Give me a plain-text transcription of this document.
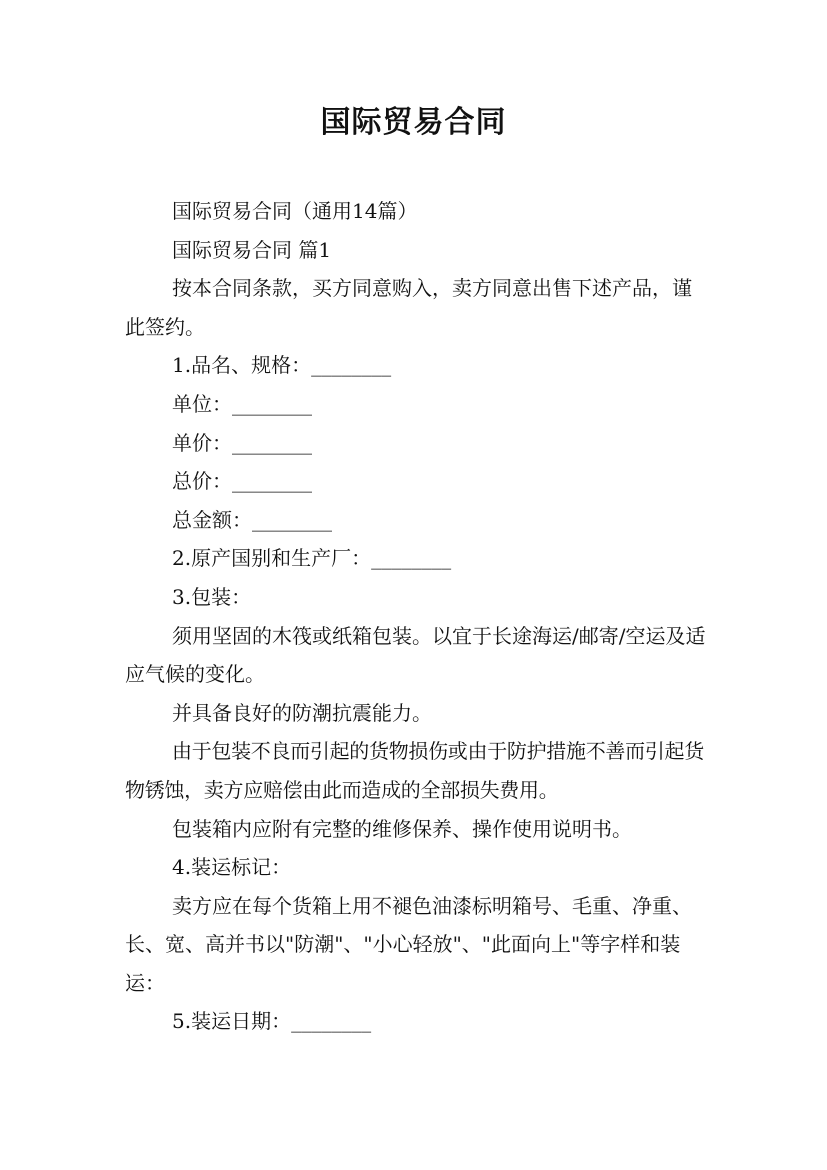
国际贸易合同

国际贸易合同（通用14篇）

国际贸易合同 篇1

按本合同条款，买方同意购入，卖方同意出售下述产品，谨此签约。

1.品名、规格：________

单位：________

单价：________

总价：________

总金额：________

2.原产国别和生产厂：________

3.包装：

须用坚固的木筏或纸箱包装。以宜于长途海运/邮寄/空运及适应气候的变化。

并具备良好的防潮抗震能力。

由于包装不良而引起的货物损伤或由于防护措施不善而引起货物锈蚀，卖方应赔偿由此而造成的全部损失费用。

包装箱内应附有完整的维修保养、操作使用说明书。

4.装运标记：

卖方应在每个货箱上用不褪色油漆标明箱号、毛重、净重、长、宽、高并书以"防潮"、"小心轻放"、"此面向上"等字样和装运：

5.装运日期：________
